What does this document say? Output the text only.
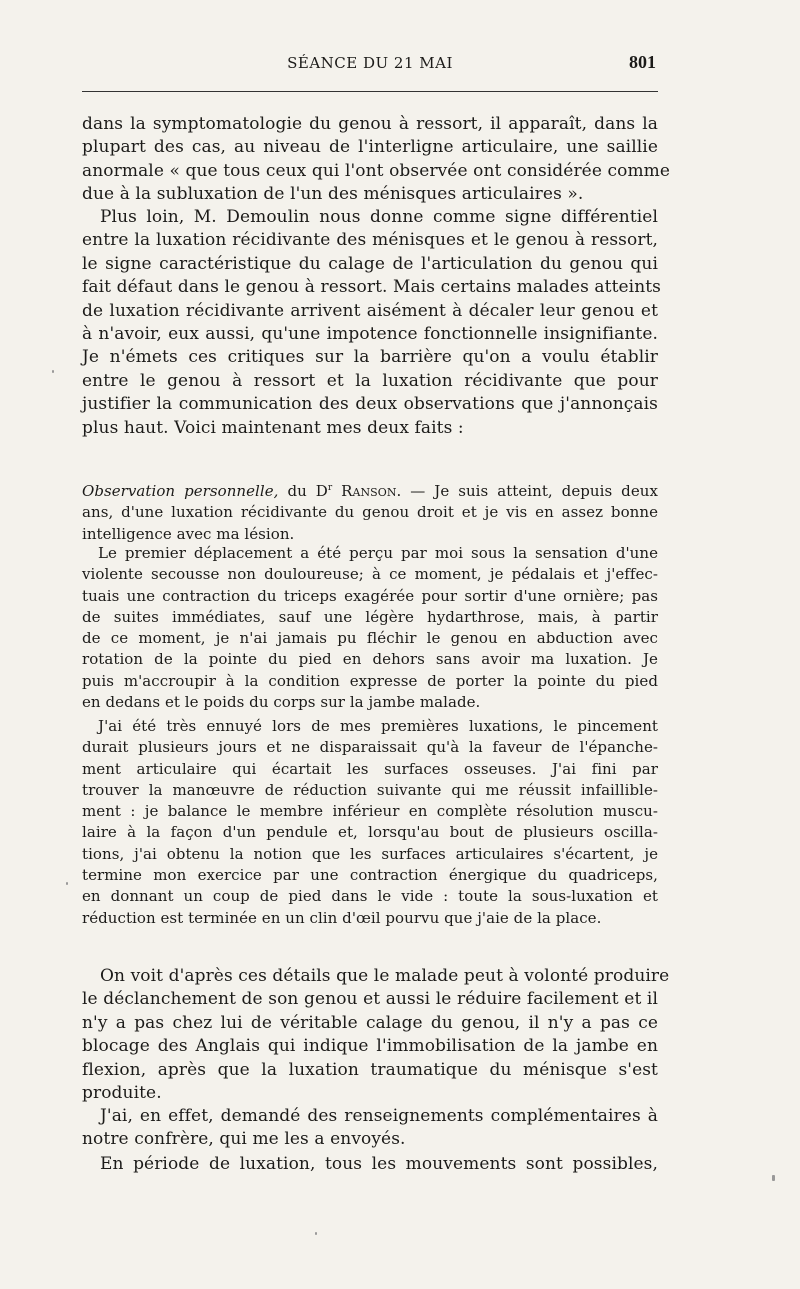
SÉANCE DU 21 MAI	801
dans la symptomatologie du genou à ressort, il apparaît, dans la
plupart des cas, au niveau de l'interligne articulaire, une saillie
anormale « que tous ceux qui l'ont observée ont considérée comme
due à la subluxation de l'un des ménisques articulaires ».
Plus loin, M. Demoulin nous donne comme signe différentiel
entre la luxation récidivante des ménisques et le genou à ressort,
le signe caractéristique du calage de l'articulation du genou qui
fait défaut dans le genou à ressort. Mais certains malades atteints
de luxation récidivante arrivent aisément à décaler leur genou et
à n'avoir, eux aussi, qu'une impotence fonctionnelle insignifiante.
Je n'émets ces critiques sur la barrière qu'on a voulu établir
entre le genou à ressort et la luxation récidivante que pour
justifier la communication des deux observations que j'annonçais
plus haut. Voici maintenant mes deux faits :
Observation personnelle, du $D^r$ Ranson. — Je suis atteint, depuis deux
ans, d'une luxation récidivante du genou droit et je vis en assez bonne
intelligence avec ma lésion.
Le premier déplacement a été perçu par moi sous la sensation d'une
violente secousse non douloureuse; à ce moment, je pédalais et j'effec-
tuais une contraction du triceps exagérée pour sortir d'une ornière; pas
de suites immédiates, sauf une légère hydarthrose, mais, à partir
de ce moment, je n'ai jamais pu fléchir le genou en abduction avec
rotation de la pointe du pied en dehors sans avoir ma luxation. Je
puis m'accroupir à la condition expresse de porter la pointe du pied
en dedans et le poids du corps sur la jambe malade.
J'ai été très ennuyé lors de mes premières luxations, le pincement
durait plusieurs jours et ne disparaissait qu'à la faveur de l'épanche-
ment articulaire qui écartait les surfaces osseuses. J'ai fini par
trouver la manœuvre de réduction suivante qui me réussit infaillible-
ment : je balance le membre inférieur en complète résolution muscu-
laire à la façon d'un pendule et, lorsqu'au bout de plusieurs oscilla-
tions, j'ai obtenu la notion que les surfaces articulaires s'écartent, je
termine mon exercice par une contraction énergique du quadriceps,
en donnant un coup de pied dans le vide : toute la sous-luxation et
réduction est terminée en un clin d'œil pourvu que j'aie de la place.
On voit d'après ces détails que le malade peut à volonté produire
le déclanchement de son genou et aussi le réduire facilement et il
n'y a pas chez lui de véritable calage du genou, il n'y a pas ce
blocage des Anglais qui indique l'immobilisation de la jambe en
flexion, après que la luxation traumatique du ménisque s'est
produite.
J'ai, en effet, demandé des renseignements complémentaires à
notre confrère, qui me les a envoyés.
En période de luxation, tous les mouvements sont possibles,
